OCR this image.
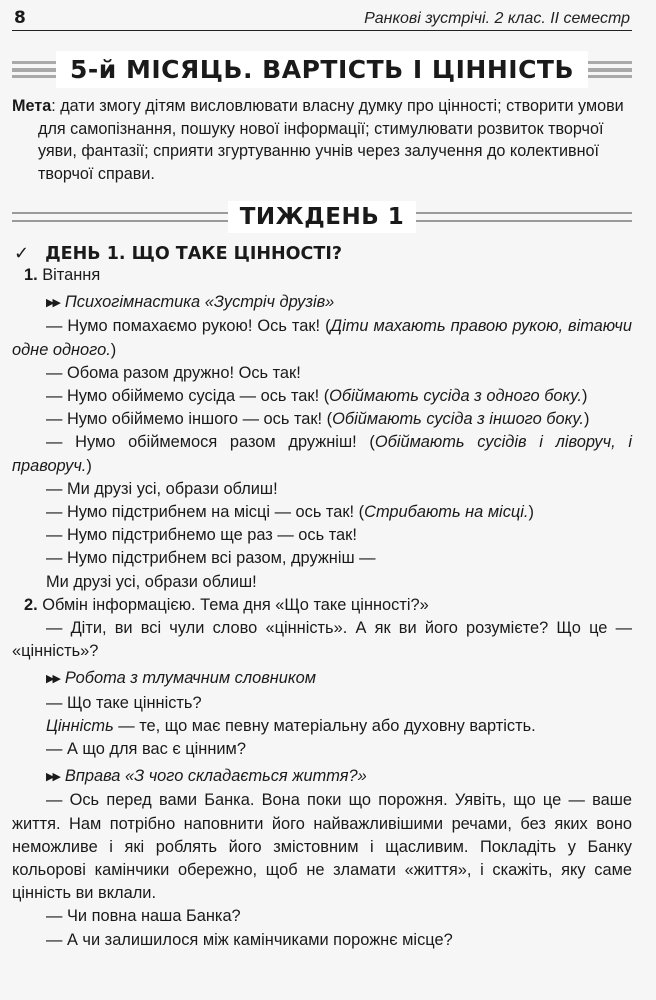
8	Ранкові зустрічі. 2 клас. ІІ семестр
5-й МІСЯЦЬ. ВАРТІСТЬ І ЦІННІСТЬ
Мета: дати змогу дітям висловлювати власну думку про цінності; створити умови для самопізнання, пошуку нової інформації; стимулювати розвиток творчої уяви, фантазії; сприяти згуртуванню учнів через залучення до колективної творчої справи.
ТИЖДЕНЬ 1
✓ ДЕНЬ 1. ЩО ТАКЕ ЦІННОСТІ?
1. Вітання
▶▶ Психогімнастика «Зустріч друзів»
— Нумо помахаємо рукою! Ось так! (Діти махають правою рукою, вітаючи одне одного.)
— Обома разом дружно! Ось так!
— Нумо обіймемо сусіда — ось так! (Обіймають сусіда з одного боку.)
— Нумо обіймемо іншого — ось так! (Обіймають сусіда з іншого боку.)
— Нумо обіймемося разом дружніш! (Обіймають сусідів і ліворуч, і праворуч.)
— Ми друзі усі, образи облиш!
— Нумо підстрибнем на місці — ось так! (Стрибають на місці.)
— Нумо підстрибнемо ще раз — ось так!
— Нумо підстрибнем всі разом, дружніш —
Ми друзі усі, образи облиш!
2. Обмін інформацією. Тема дня «Що таке цінності?»
— Діти, ви всі чули слово «цінність». А як ви його розумієте? Що це — «цінність»?
▶▶ Робота з тлумачним словником
— Що таке цінність?
Цінність — те, що має певну матеріальну або духовну вартість.
— А що для вас є цінним?
▶▶ Вправа «З чого складається життя?»
— Ось перед вами Банка. Вона поки що порожня. Уявіть, що це — ваше життя. Нам потрібно наповнити його найважливішими речами, без яких воно неможливе і які роблять його змістовним і щасливим. Покладіть у Банку кольорові камінчики обережно, щоб не зламати «життя», і скажіть, яку саме цінність ви вклали.
— Чи повна наша Банка?
— А чи залишилося між камінчиками порожнє місце?
